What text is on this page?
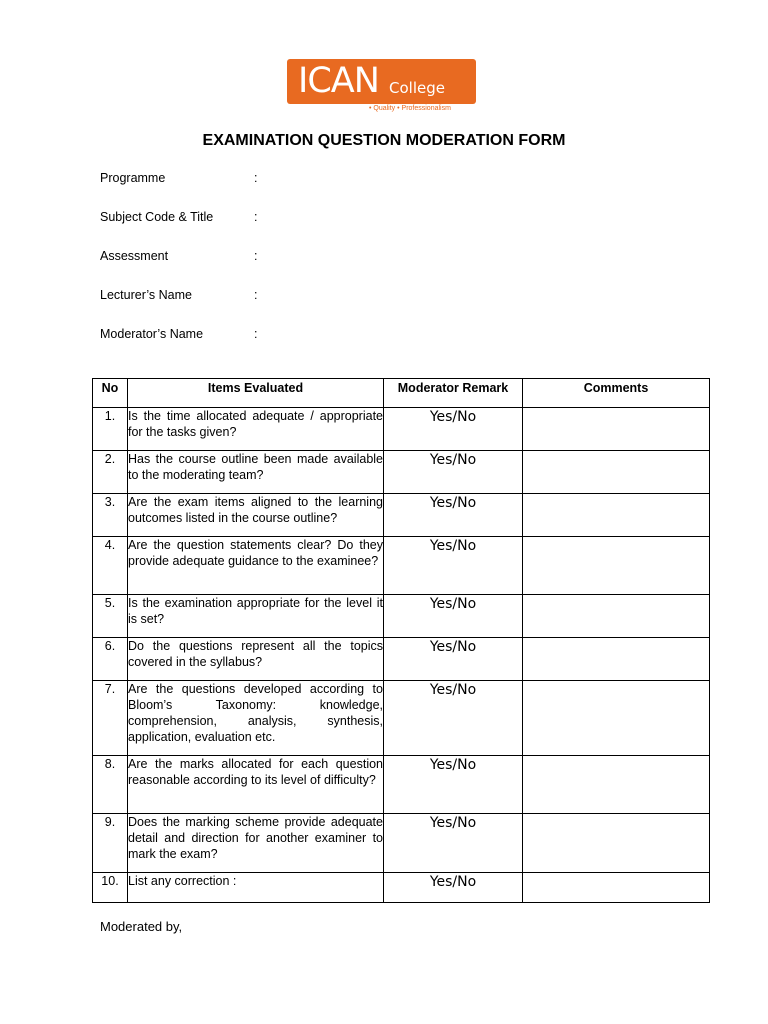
ICAN College
• Quality • Professionalism
EXAMINATION QUESTION MODERATION FORM
Programme	:
Subject Code & Title	:
Assessment	:
Lecturer’s Name	:
Moderator’s Name	:
No	Items Evaluated	Moderator Remark	Comments
1.	Is the time allocated adequate / appropriate for the tasks given?	Yes/No	
2.	Has the course outline been made available to the moderating team?	Yes/No	
3.	Are the exam items aligned to the learning outcomes listed in the course outline?	Yes/No	
4.	Are the question statements clear? Do they provide adequate guidance to the examinee?	Yes/No	
5.	Is the examination appropriate for the level it is set?	Yes/No	
6.	Do the questions represent all the topics covered in the syllabus?	Yes/No	
7.	Are the questions developed according to Bloom’s Taxonomy: knowledge, comprehension, analysis, synthesis, application, evaluation etc.	Yes/No	
8.	Are the marks allocated for each question reasonable according to its level of difficulty?	Yes/No	
9.	Does the marking scheme provide adequate detail and direction for another examiner to mark the exam?	Yes/No	
10.	List any correction :	Yes/No	
Moderated by,
